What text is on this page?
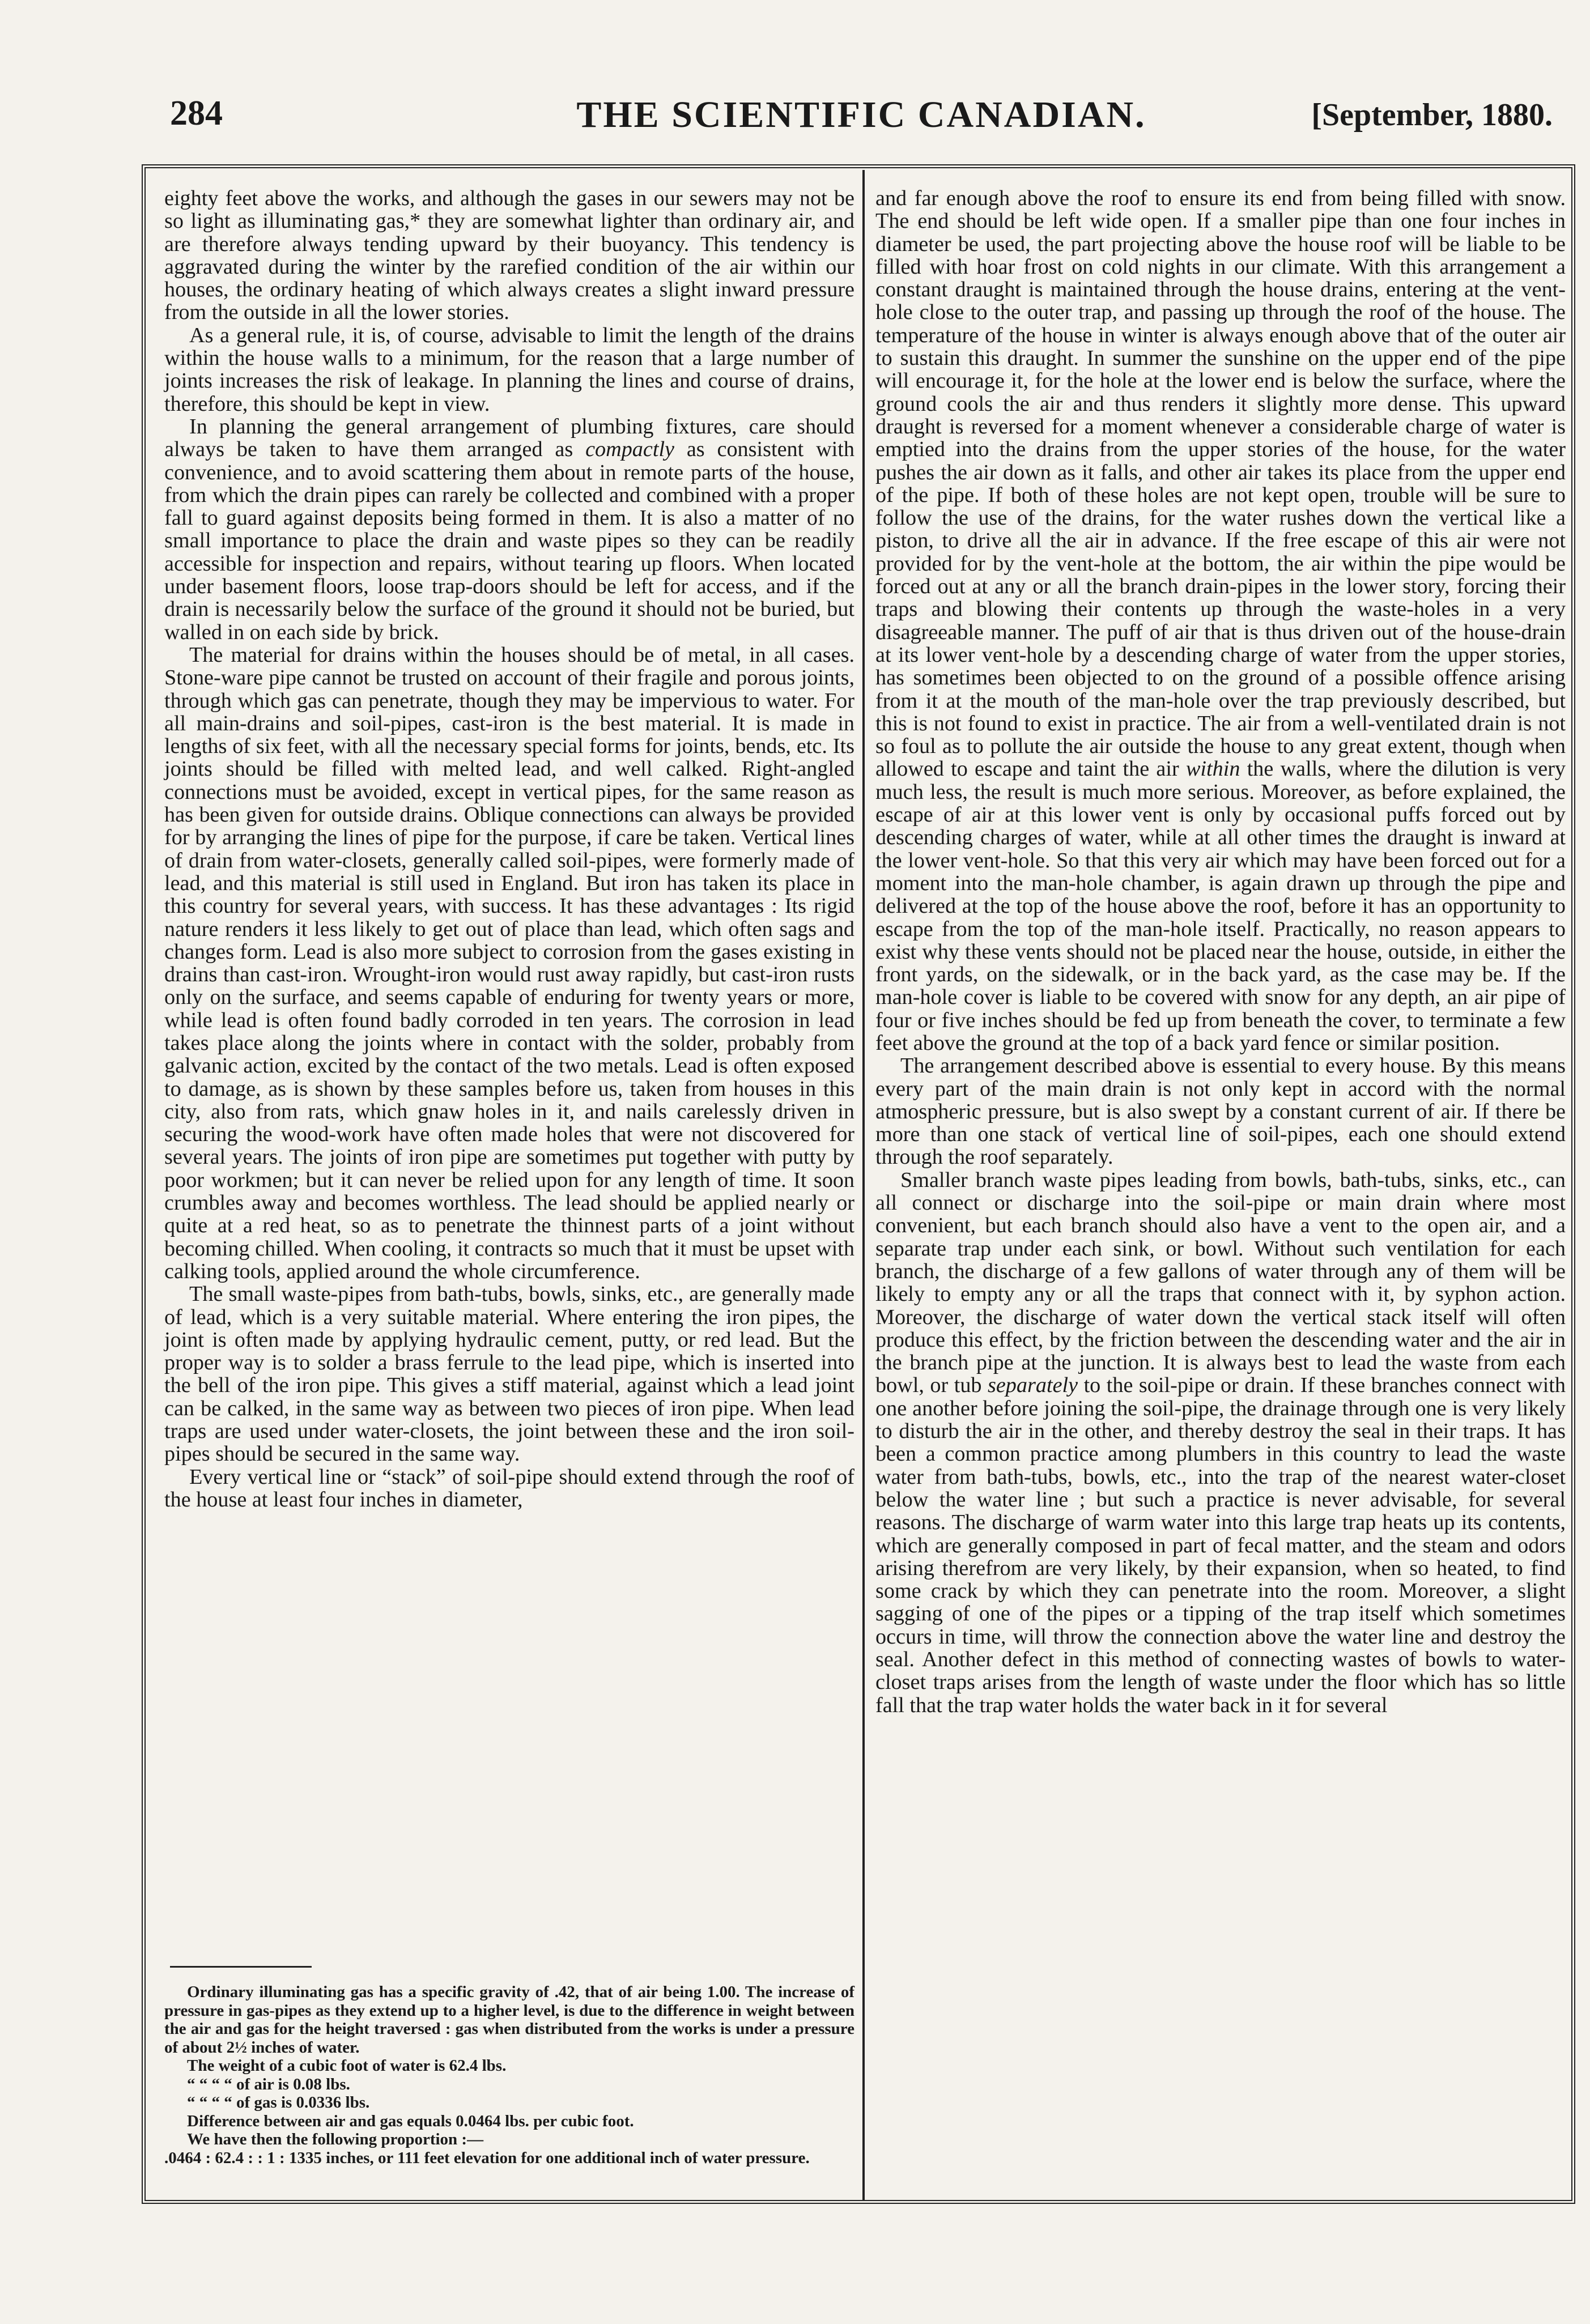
284	THE SCIENTIFIC CANADIAN.	[September, 1880.

eighty feet above the works, and although the gases in our sewers may not be so light as illuminating gas,* they are somewhat lighter than ordinary air, and are therefore always tending upward by their buoyancy. This tendency is aggravated during the winter by the rarefied condition of the air within our houses, the ordinary heating of which always creates a slight inward pressure from the outside in all the lower stories.

As a general rule, it is, of course, advisable to limit the length of the drains within the house walls to a minimum, for the reason that a large number of joints increases the risk of leakage. In planning the lines and course of drains, therefore, this should be kept in view.

In planning the general arrangement of plumbing fixtures, care should always be taken to have them arranged as compactly as consistent with convenience, and to avoid scattering them about in remote parts of the house, from which the drain pipes can rarely be collected and combined with a proper fall to guard against deposits being formed in them. It is also a matter of no small importance to place the drain and waste pipes so they can be readily accessible for inspection and repairs, without tearing up floors. When located under basement floors, loose trap-doors should be left for access, and if the drain is necessarily below the surface of the ground it should not be buried, but walled in on each side by brick.

The material for drains within the houses should be of metal, in all cases. Stone-ware pipe cannot be trusted on account of their fragile and porous joints, through which gas can penetrate, though they may be impervious to water. For all main-drains and soil-pipes, cast-iron is the best material. It is made in lengths of six feet, with all the necessary special forms for joints, bends, etc. Its joints should be filled with melted lead, and well calked. Right-angled connections must be avoided, except in vertical pipes, for the same reason as has been given for outside drains. Oblique connections can always be provided for by arranging the lines of pipe for the purpose, if care be taken. Vertical lines of drain from water-closets, generally called soil-pipes, were formerly made of lead, and this material is still used in England. But iron has taken its place in this country for several years, with success. It has these advantages : Its rigid nature renders it less likely to get out of place than lead, which often sags and changes form. Lead is also more subject to corrosion from the gases existing in drains than cast-iron. Wrought-iron would rust away rapidly, but cast-iron rusts only on the surface, and seems capable of enduring for twenty years or more, while lead is often found badly corroded in ten years. The corrosion in lead takes place along the joints where in contact with the solder, probably from galvanic action, excited by the contact of the two metals. Lead is often exposed to damage, as is shown by these samples before us, taken from houses in this city, also from rats, which gnaw holes in it, and nails carelessly driven in securing the wood-work have often made holes that were not discovered for several years. The joints of iron pipe are sometimes put together with putty by poor workmen; but it can never be relied upon for any length of time. It soon crumbles away and becomes worthless. The lead should be applied nearly or quite at a red heat, so as to penetrate the thinnest parts of a joint without becoming chilled. When cooling, it contracts so much that it must be upset with calking tools, applied around the whole circumference.

The small waste-pipes from bath-tubs, bowls, sinks, etc., are generally made of lead, which is a very suitable material. Where entering the iron pipes, the joint is often made by applying hydraulic cement, putty, or red lead. But the proper way is to solder a brass ferrule to the lead pipe, which is inserted into the bell of the iron pipe. This gives a stiff material, against which a lead joint can be calked, in the same way as between two pieces of iron pipe. When lead traps are used under water-closets, the joint between these and the iron soil-pipes should be secured in the same way.

Every vertical line or “stack” of soil-pipe should extend through the roof of the house at least four inches in diameter,

Ordinary illuminating gas has a specific gravity of .42, that of air being 1.00. The increase of pressure in gas-pipes as they extend up to a higher level, is due to the difference in weight between the air and gas for the height traversed : gas when distributed from the works is under a pressure of about 2½ inches of water.

The weight of a cubic foot of water is 62.4 lbs.

“ “ “ “ of air is 0.08 lbs.

“ “ “ “ of gas is 0.0336 lbs.

Difference between air and gas equals 0.0464 lbs. per cubic foot.

We have then the following proportion :—

.0464 : 62.4 : : 1 : 1335 inches, or 111 feet elevation for one additional inch of water pressure.

and far enough above the roof to ensure its end from being filled with snow. The end should be left wide open. If a smaller pipe than one four inches in diameter be used, the part projecting above the house roof will be liable to be filled with hoar frost on cold nights in our climate. With this arrangement a constant draught is maintained through the house drains, entering at the vent-hole close to the outer trap, and passing up through the roof of the house. The temperature of the house in winter is always enough above that of the outer air to sustain this draught. In summer the sunshine on the upper end of the pipe will encourage it, for the hole at the lower end is below the surface, where the ground cools the air and thus renders it slightly more dense. This upward draught is reversed for a moment whenever a considerable charge of water is emptied into the drains from the upper stories of the house, for the water pushes the air down as it falls, and other air takes its place from the upper end of the pipe. If both of these holes are not kept open, trouble will be sure to follow the use of the drains, for the water rushes down the vertical like a piston, to drive all the air in advance. If the free escape of this air were not provided for by the vent-hole at the bottom, the air within the pipe would be forced out at any or all the branch drain-pipes in the lower story, forcing their traps and blowing their contents up through the waste-holes in a very disagreeable manner. The puff of air that is thus driven out of the house-drain at its lower vent-hole by a descending charge of water from the upper stories, has sometimes been objected to on the ground of a possible offence arising from it at the mouth of the man-hole over the trap previously described, but this is not found to exist in practice. The air from a well-ventilated drain is not so foul as to pollute the air outside the house to any great extent, though when allowed to escape and taint the air within the walls, where the dilution is very much less, the result is much more serious. Moreover, as before explained, the escape of air at this lower vent is only by occasional puffs forced out by descending charges of water, while at all other times the draught is inward at the lower vent-hole. So that this very air which may have been forced out for a moment into the man-hole chamber, is again drawn up through the pipe and delivered at the top of the house above the roof, before it has an opportunity to escape from the top of the man-hole itself. Practically, no reason appears to exist why these vents should not be placed near the house, outside, in either the front yards, on the sidewalk, or in the back yard, as the case may be. If the man-hole cover is liable to be covered with snow for any depth, an air pipe of four or five inches should be fed up from beneath the cover, to terminate a few feet above the ground at the top of a back yard fence or similar position.

The arrangement described above is essential to every house. By this means every part of the main drain is not only kept in accord with the normal atmospheric pressure, but is also swept by a constant current of air. If there be more than one stack of vertical line of soil-pipes, each one should extend through the roof separately.

Smaller branch waste pipes leading from bowls, bath-tubs, sinks, etc., can all connect or discharge into the soil-pipe or main drain where most convenient, but each branch should also have a vent to the open air, and a separate trap under each sink, or bowl. Without such ventilation for each branch, the discharge of a few gallons of water through any of them will be likely to empty any or all the traps that connect with it, by syphon action. Moreover, the discharge of water down the vertical stack itself will often produce this effect, by the friction between the descending water and the air in the branch pipe at the junction. It is always best to lead the waste from each bowl, or tub separately to the soil-pipe or drain. If these branches connect with one another before joining the soil-pipe, the drainage through one is very likely to disturb the air in the other, and thereby destroy the seal in their traps. It has been a common practice among plumbers in this country to lead the waste water from bath-tubs, bowls, etc., into the trap of the nearest water-closet below the water line ; but such a practice is never advisable, for several reasons. The discharge of warm water into this large trap heats up its contents, which are generally composed in part of fecal matter, and the steam and odors arising therefrom are very likely, by their expansion, when so heated, to find some crack by which they can penetrate into the room. Moreover, a slight sagging of one of the pipes or a tipping of the trap itself which sometimes occurs in time, will throw the connection above the water line and destroy the seal. Another defect in this method of connecting wastes of bowls to water-closet traps arises from the length of waste under the floor which has so little fall that the trap water holds the water back in it for several
